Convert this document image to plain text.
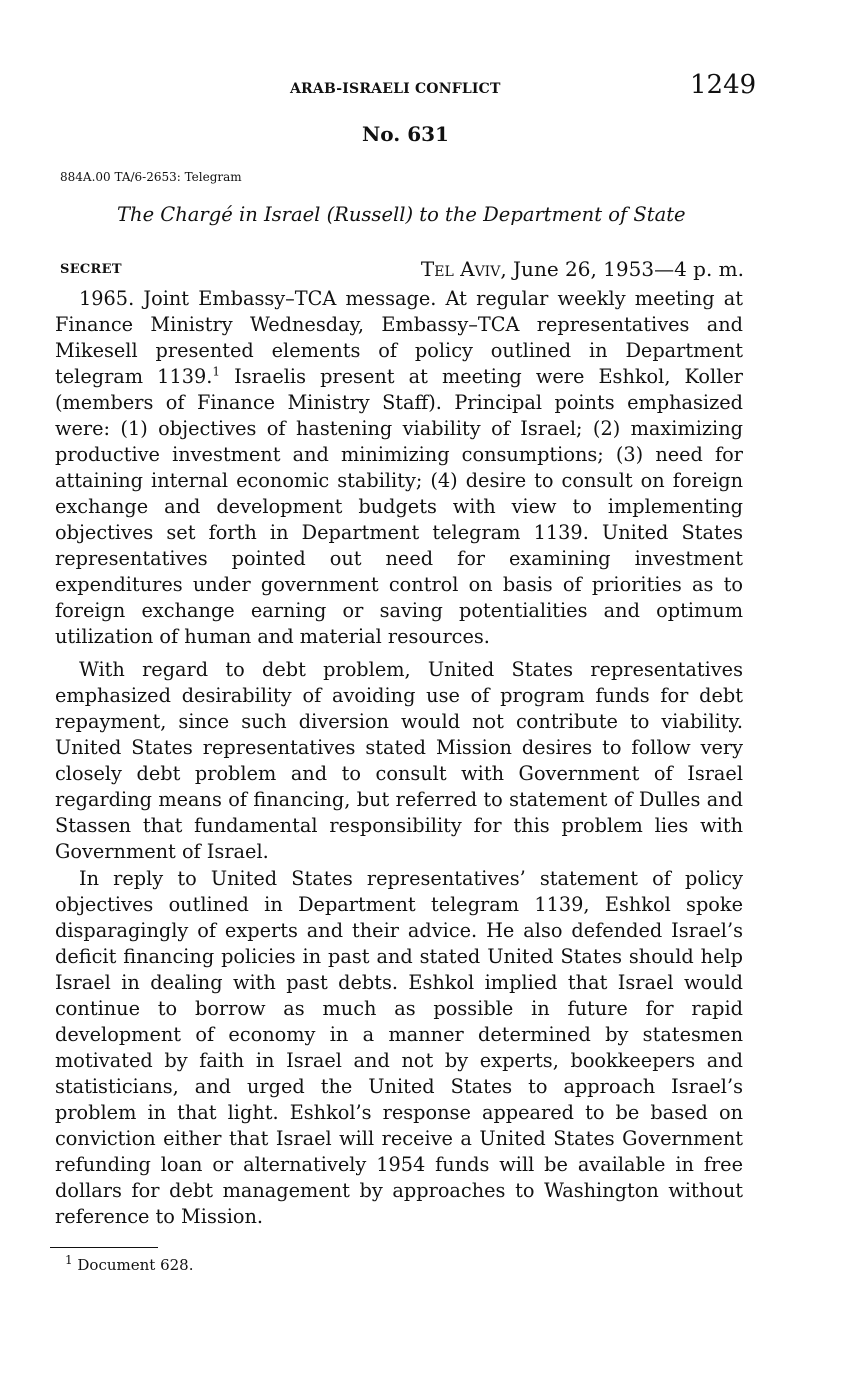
ARAB-ISRAELI CONFLICT	1249
No. 631
884A.00 TA/6-2653: Telegram
The Chargé in Israel (Russell) to the Department of State
SECRET	Tel Aviv, June 26, 1953—4 p. m.
1965. Joint Embassy–TCA message. At regular weekly meeting at Finance Ministry Wednesday, Embassy–TCA representatives and Mikesell presented elements of policy outlined in Department telegram 1139.$^1$ Israelis present at meeting were Eshkol, Koller (members of Finance Ministry Staff). Principal points emphasized were: (1) objectives of hastening viability of Israel; (2) maximizing productive investment and minimizing consumptions; (3) need for attaining internal economic stability; (4) desire to consult on foreign exchange and development budgets with view to implementing objectives set forth in Department telegram 1139. United States representatives pointed out need for examining investment expenditures under government control on basis of priorities as to foreign exchange earning or saving potentialities and optimum utilization of human and material resources.
With regard to debt problem, United States representatives emphasized desirability of avoiding use of program funds for debt repayment, since such diversion would not contribute to viability. United States representatives stated Mission desires to follow very closely debt problem and to consult with Government of Israel regarding means of financing, but referred to statement of Dulles and Stassen that fundamental responsibility for this problem lies with Government of Israel.
In reply to United States representatives’ statement of policy objectives outlined in Department telegram 1139, Eshkol spoke disparagingly of experts and their advice. He also defended Israel’s deficit financing policies in past and stated United States should help Israel in dealing with past debts. Eshkol implied that Israel would continue to borrow as much as possible in future for rapid development of economy in a manner determined by statesmen motivated by faith in Israel and not by experts, bookkeepers and statisticians, and urged the United States to approach Israel’s problem in that light. Eshkol’s response appeared to be based on conviction either that Israel will receive a United States Government refunding loan or alternatively 1954 funds will be available in free dollars for debt management by approaches to Washington without reference to Mission.
$^1$ Document 628.
